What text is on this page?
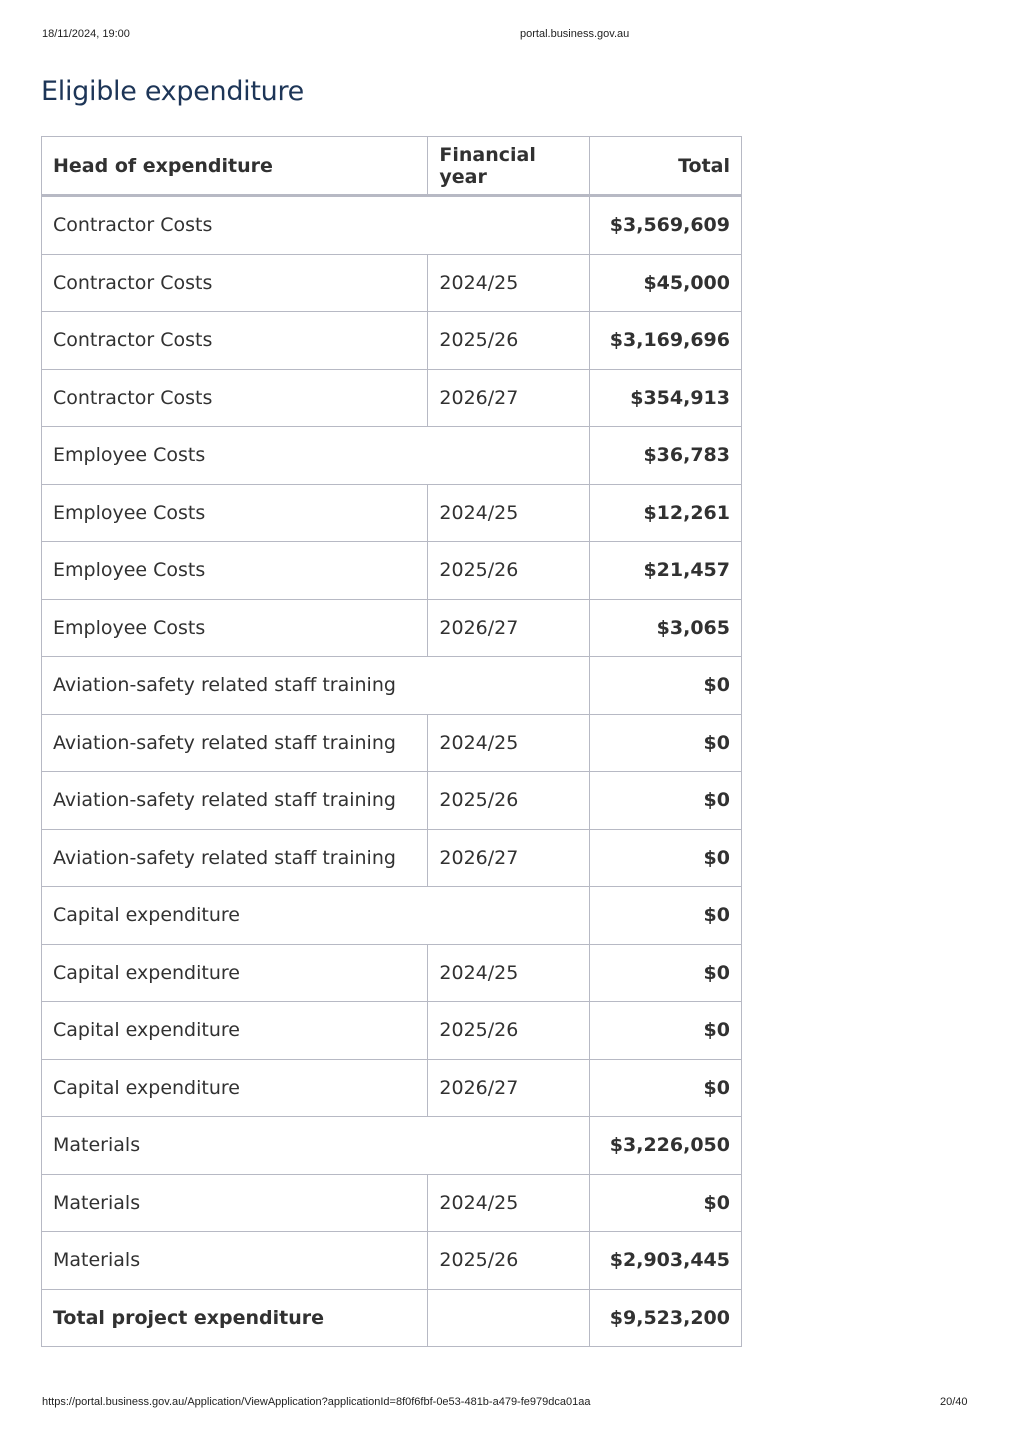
18/11/2024, 19:00	portal.business.gov.au
Eligible expenditure
Head of expenditure	Financial year	Total
Contractor Costs		$3,569,609
Contractor Costs	2024/25	$45,000
Contractor Costs	2025/26	$3,169,696
Contractor Costs	2026/27	$354,913
Employee Costs		$36,783
Employee Costs	2024/25	$12,261
Employee Costs	2025/26	$21,457
Employee Costs	2026/27	$3,065
Aviation-safety related staff training		$0
Aviation-safety related staff training	2024/25	$0
Aviation-safety related staff training	2025/26	$0
Aviation-safety related staff training	2026/27	$0
Capital expenditure		$0
Capital expenditure	2024/25	$0
Capital expenditure	2025/26	$0
Capital expenditure	2026/27	$0
Materials		$3,226,050
Materials	2024/25	$0
Materials	2025/26	$2,903,445
Total project expenditure		$9,523,200
https://portal.business.gov.au/Application/ViewApplication?applicationId=8f0f6fbf-0e53-481b-a479-fe979dca01aa	20/40
